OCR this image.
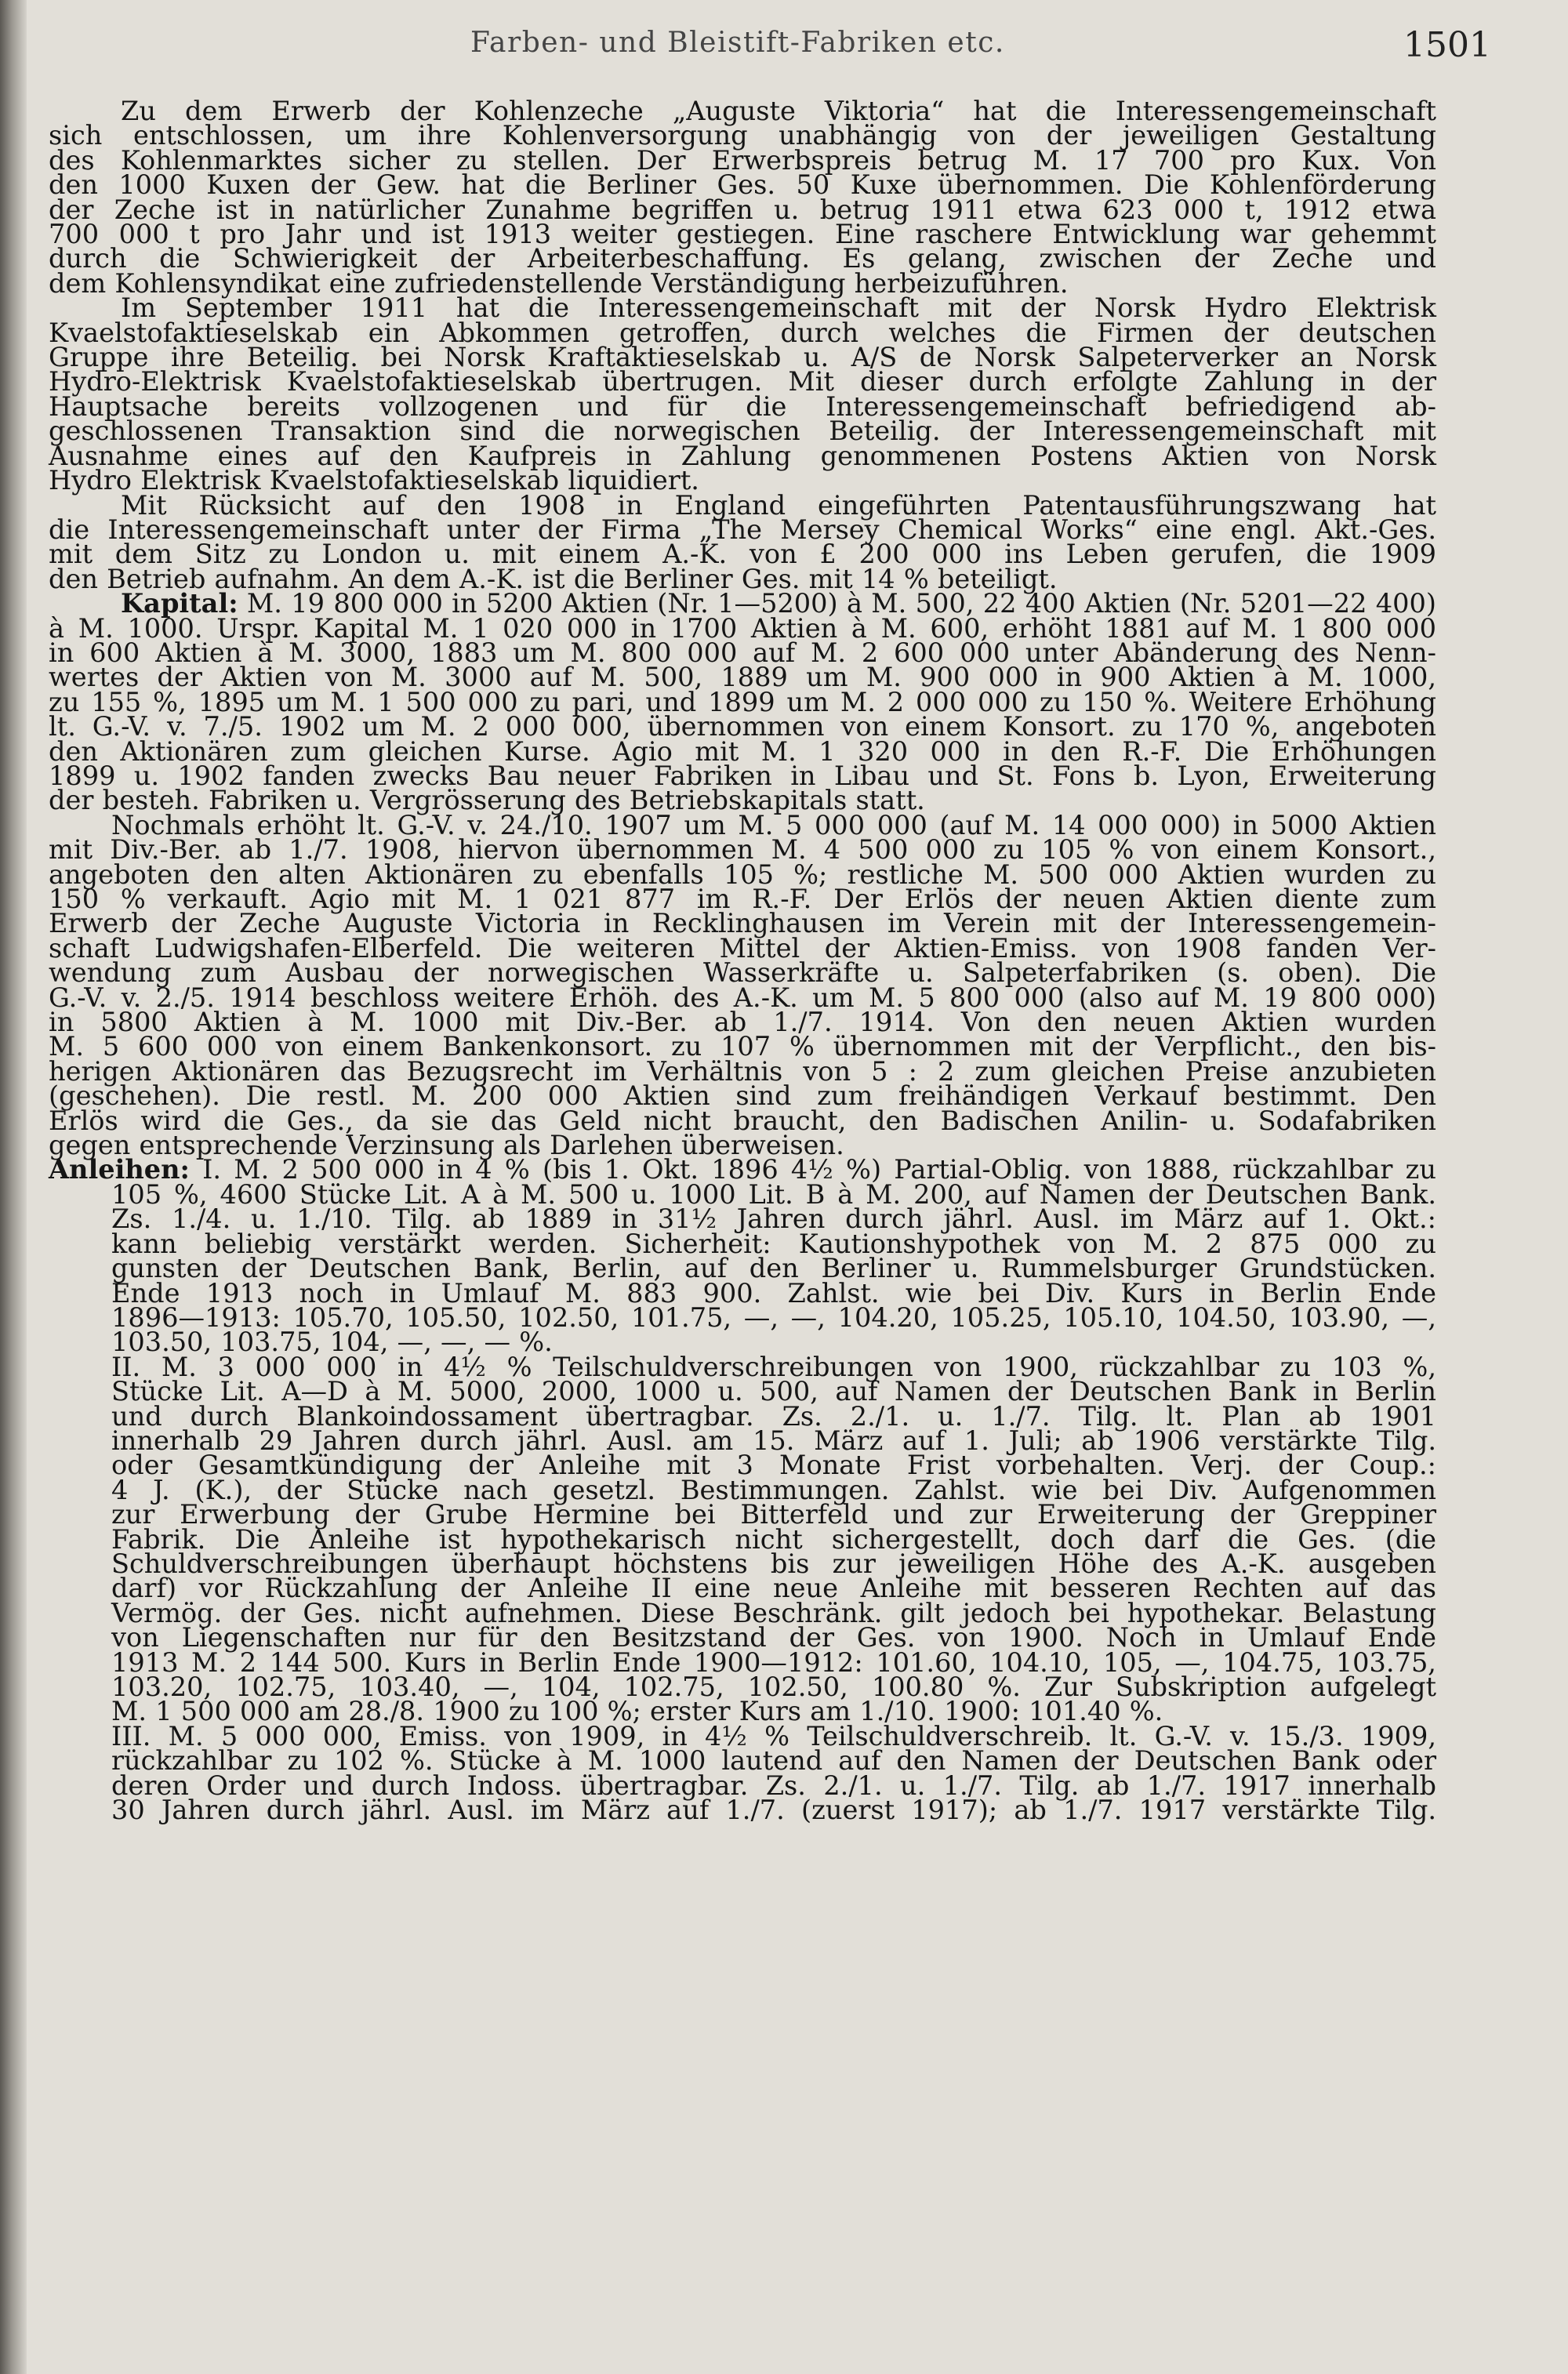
Farben- und Bleistift-Fabriken etc.	1501
Zu dem Erwerb der Kohlenzeche „Auguste Viktoria“ hat die Interessengemeinschaft
sich entschlossen, um ihre Kohlenversorgung unabhängig von der jeweiligen Gestaltung
des Kohlenmarktes sicher zu stellen. Der Erwerbspreis betrug M. 17 700 pro Kux. Von
den 1000 Kuxen der Gew. hat die Berliner Ges. 50 Kuxe übernommen. Die Kohlenförderung
der Zeche ist in natürlicher Zunahme begriffen u. betrug 1911 etwa 623 000 t, 1912 etwa
700 000 t pro Jahr und ist 1913 weiter gestiegen. Eine raschere Entwicklung war gehemmt
durch die Schwierigkeit der Arbeiterbeschaffung. Es gelang, zwischen der Zeche und
dem Kohlensyndikat eine zufriedenstellende Verständigung herbeizuführen.
Im September 1911 hat die Interessengemeinschaft mit der Norsk Hydro Elektrisk
Kvaelstofaktieselskab ein Abkommen getroffen, durch welches die Firmen der deutschen
Gruppe ihre Beteilig. bei Norsk Kraftaktieselskab u. A/S de Norsk Salpeterverker an Norsk
Hydro-Elektrisk Kvaelstofaktieselskab übertrugen. Mit dieser durch erfolgte Zahlung in der
Hauptsache bereits vollzogenen und für die Interessengemeinschaft befriedigend ab-
geschlossenen Transaktion sind die norwegischen Beteilig. der Interessengemeinschaft mit
Ausnahme eines auf den Kaufpreis in Zahlung genommenen Postens Aktien von Norsk
Hydro Elektrisk Kvaelstofaktieselskab liquidiert.
Mit Rücksicht auf den 1908 in England eingeführten Patentausführungszwang hat
die Interessengemeinschaft unter der Firma „The Mersey Chemical Works“ eine engl. Akt.-Ges.
mit dem Sitz zu London u. mit einem A.-K. von £ 200 000 ins Leben gerufen, die 1909
den Betrieb aufnahm. An dem A.-K. ist die Berliner Ges. mit 14 % beteiligt.
Kapital: M. 19 800 000 in 5200 Aktien (Nr. 1—5200) à M. 500, 22 400 Aktien (Nr. 5201—22 400)
à M. 1000. Urspr. Kapital M. 1 020 000 in 1700 Aktien à M. 600, erhöht 1881 auf M. 1 800 000
in 600 Aktien à M. 3000, 1883 um M. 800 000 auf M. 2 600 000 unter Abänderung des Nenn-
wertes der Aktien von M. 3000 auf M. 500, 1889 um M. 900 000 in 900 Aktien à M. 1000,
zu 155 %, 1895 um M. 1 500 000 zu pari, und 1899 um M. 2 000 000 zu 150 %. Weitere Erhöhung
lt. G.-V. v. 7./5. 1902 um M. 2 000 000, übernommen von einem Konsort. zu 170 %, angeboten
den Aktionären zum gleichen Kurse. Agio mit M. 1 320 000 in den R.-F. Die Erhöhungen
1899 u. 1902 fanden zwecks Bau neuer Fabriken in Libau und St. Fons b. Lyon, Erweiterung
der besteh. Fabriken u. Vergrösserung des Betriebskapitals statt.
Nochmals erhöht lt. G.-V. v. 24./10. 1907 um M. 5 000 000 (auf M. 14 000 000) in 5000 Aktien
mit Div.-Ber. ab 1./7. 1908, hiervon übernommen M. 4 500 000 zu 105 % von einem Konsort.,
angeboten den alten Aktionären zu ebenfalls 105 %; restliche M. 500 000 Aktien wurden zu
150 % verkauft. Agio mit M. 1 021 877 im R.-F. Der Erlös der neuen Aktien diente zum
Erwerb der Zeche Auguste Victoria in Recklinghausen im Verein mit der Interessengemein-
schaft Ludwigshafen-Elberfeld. Die weiteren Mittel der Aktien-Emiss. von 1908 fanden Ver-
wendung zum Ausbau der norwegischen Wasserkräfte u. Salpeterfabriken (s. oben). Die
G.-V. v. 2./5. 1914 beschloss weitere Erhöh. des A.-K. um M. 5 800 000 (also auf M. 19 800 000)
in 5800 Aktien à M. 1000 mit Div.-Ber. ab 1./7. 1914. Von den neuen Aktien wurden
M. 5 600 000 von einem Bankenkonsort. zu 107 % übernommen mit der Verpflicht., den bis-
herigen Aktionären das Bezugsrecht im Verhältnis von 5 : 2 zum gleichen Preise anzubieten
(geschehen). Die restl. M. 200 000 Aktien sind zum freihändigen Verkauf bestimmt. Den
Erlös wird die Ges., da sie das Geld nicht braucht, den Badischen Anilin- u. Sodafabriken
gegen entsprechende Verzinsung als Darlehen überweisen.
Anleihen: I. M. 2 500 000 in 4 % (bis 1. Okt. 1896 4½ %) Partial-Oblig. von 1888, rückzahlbar zu
105 %, 4600 Stücke Lit. A à M. 500 u. 1000 Lit. B à M. 200, auf Namen der Deutschen Bank.
Zs. 1./4. u. 1./10. Tilg. ab 1889 in 31½ Jahren durch jährl. Ausl. im März auf 1. Okt.:
kann beliebig verstärkt werden. Sicherheit: Kautionshypothek von M. 2 875 000 zu
gunsten der Deutschen Bank, Berlin, auf den Berliner u. Rummelsburger Grundstücken.
Ende 1913 noch in Umlauf M. 883 900. Zahlst. wie bei Div. Kurs in Berlin Ende
1896—1913: 105.70, 105.50, 102.50, 101.75, —, —, 104.20, 105.25, 105.10, 104.50, 103.90, —,
103.50, 103.75, 104, —, —, — %.
II. M. 3 000 000 in 4½ % Teilschuldverschreibungen von 1900, rückzahlbar zu 103 %,
Stücke Lit. A—D à M. 5000, 2000, 1000 u. 500, auf Namen der Deutschen Bank in Berlin
und durch Blankoindossament übertragbar. Zs. 2./1. u. 1./7. Tilg. lt. Plan ab 1901
innerhalb 29 Jahren durch jährl. Ausl. am 15. März auf 1. Juli; ab 1906 verstärkte Tilg.
oder Gesamtkündigung der Anleihe mit 3 Monate Frist vorbehalten. Verj. der Coup.:
4 J. (K.), der Stücke nach gesetzl. Bestimmungen. Zahlst. wie bei Div. Aufgenommen
zur Erwerbung der Grube Hermine bei Bitterfeld und zur Erweiterung der Greppiner
Fabrik. Die Anleihe ist hypothekarisch nicht sichergestellt, doch darf die Ges. (die
Schuldverschreibungen überhaupt höchstens bis zur jeweiligen Höhe des A.-K. ausgeben
darf) vor Rückzahlung der Anleihe II eine neue Anleihe mit besseren Rechten auf das
Vermög. der Ges. nicht aufnehmen. Diese Beschränk. gilt jedoch bei hypothekar. Belastung
von Liegenschaften nur für den Besitzstand der Ges. von 1900. Noch in Umlauf Ende
1913 M. 2 144 500. Kurs in Berlin Ende 1900—1912: 101.60, 104.10, 105, —, 104.75, 103.75,
103.20, 102.75, 103.40, —, 104, 102.75, 102.50, 100.80 %. Zur Subskription aufgelegt
M. 1 500 000 am 28./8. 1900 zu 100 %; erster Kurs am 1./10. 1900: 101.40 %.
III. M. 5 000 000, Emiss. von 1909, in 4½ % Teilschuldverschreib. lt. G.-V. v. 15./3. 1909,
rückzahlbar zu 102 %. Stücke à M. 1000 lautend auf den Namen der Deutschen Bank oder
deren Order und durch Indoss. übertragbar. Zs. 2./1. u. 1./7. Tilg. ab 1./7. 1917 innerhalb
30 Jahren durch jährl. Ausl. im März auf 1./7. (zuerst 1917); ab 1./7. 1917 verstärkte Tilg.
